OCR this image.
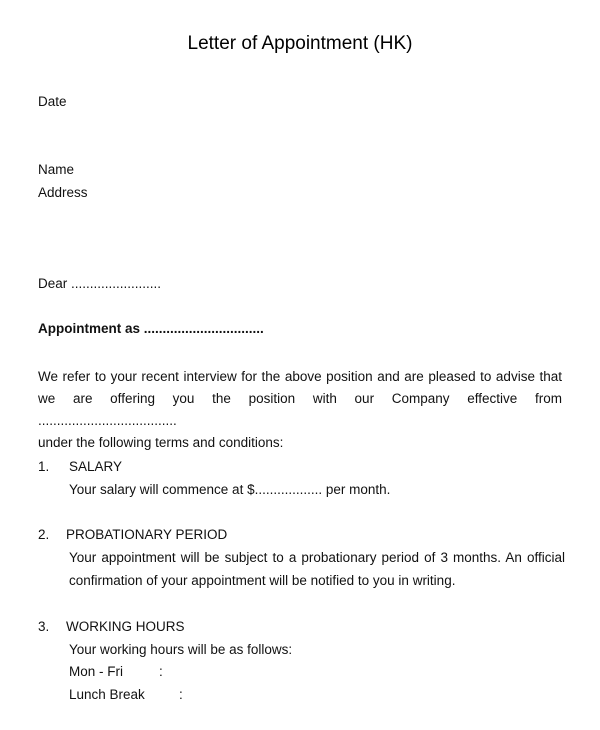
Letter of Appointment (HK)
Date
Name
Address
Dear ........................
Appointment as ................................
We refer to your recent interview for the above position and are pleased to advise that
we are offering you the position with our Company effective from .....................................
under the following terms and conditions:
1. SALARY
Your salary will commence at $.................. per month.
2. PROBATIONARY PERIOD
Your appointment will be subject to a probationary period of 3 months. An official
confirmation of your appointment will be notified to you in writing.
3. WORKING HOURS
Your working hours will be as follows:
Mon - Fri	:
Lunch Break	:
